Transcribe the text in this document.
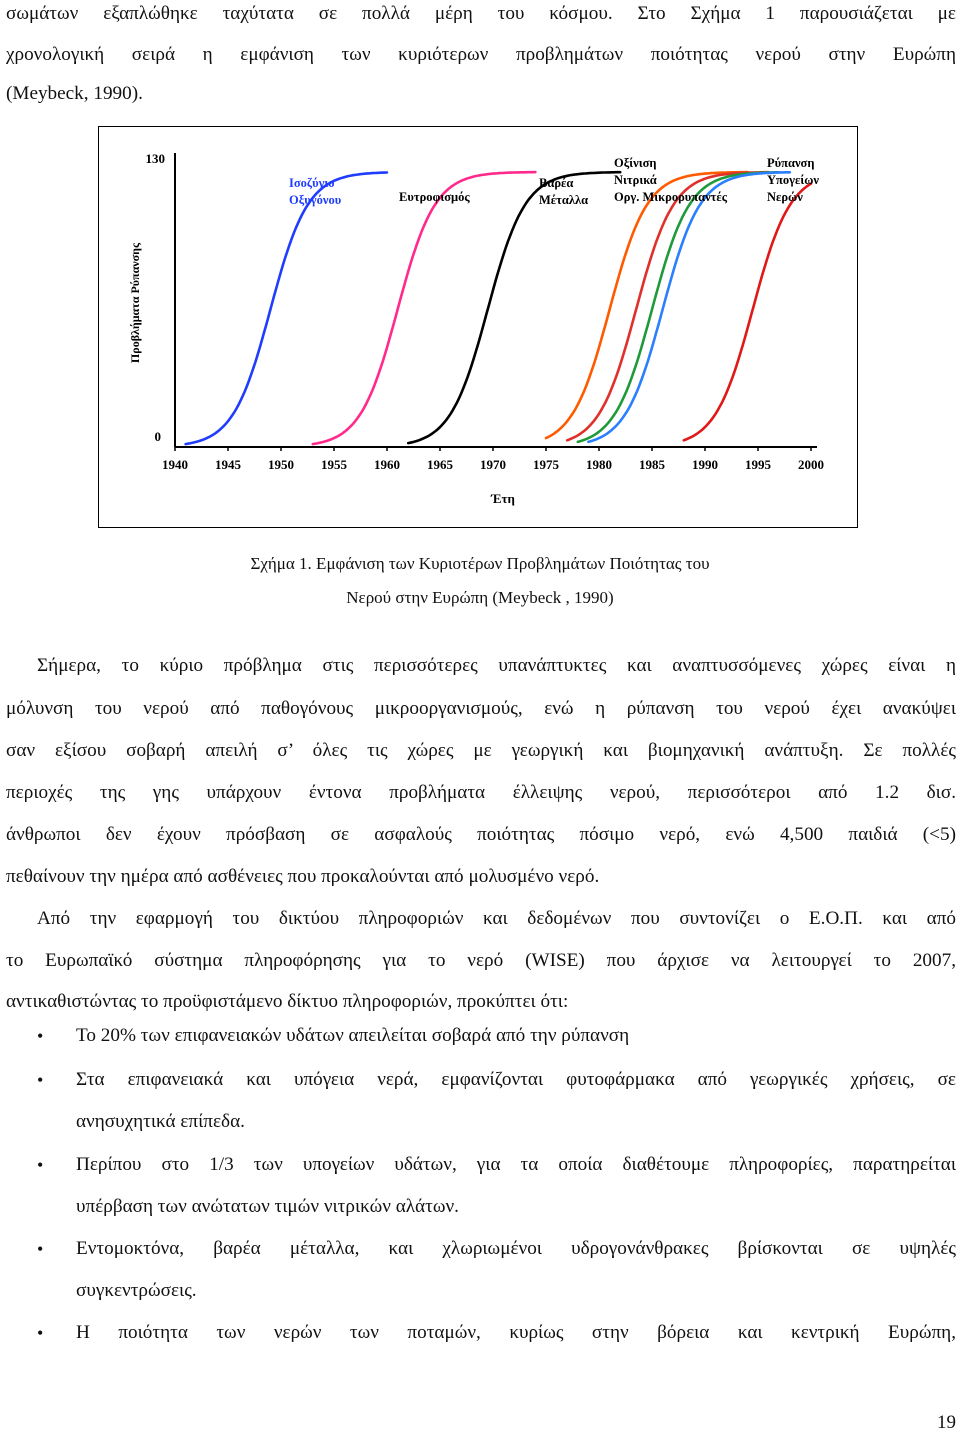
σωμάτων εξαπλώθηκε ταχύτατα σε πολλά μέρη του κόσμου. Στο Σχήμα 1 παρουσιάζεται με
χρονολογική σειρά η εμφάνιση των κυριότερων προβλημάτων ποιότητας νερού στην Ευρώπη
(Meybeck, 1990).
130
0
Προβλήματα Ρύπανσης
1940 1945 1950 1955 1960 1965 1970 1975 1980 1985 1990 1995 2000
Έτη
Ισοζύγιο
Οξυγόνου	Ευτροφισμός
Βαρέα
Μέταλλα
Οξίνιση
Νιτρικά
Οργ. Μικρορυπαντές
Ρύπανση
Υπογείων
Νερών
Σχήμα 1. Εμφάνιση των Κυριοτέρων Προβλημάτων Ποιότητας του
Νερού στην Ευρώπη (Meybeck , 1990)
Σήμερα, το κύριο πρόβλημα στις περισσότερες υπανάπτυκτες και αναπτυσσόμενες χώρες είναι η
μόλυνση του νερού από παθογόνους μικροοργανισμούς, ενώ η ρύπανση του νερού έχει ανακύψει
σαν εξίσου σοβαρή απειλή σ’ όλες τις χώρες με γεωργική και βιομηχανική ανάπτυξη. Σε πολλές
περιοχές της γης υπάρχουν έντονα προβλήματα έλλειψης νερού, περισσότεροι από 1.2 δισ.
άνθρωποι δεν έχουν πρόσβαση σε ασφαλούς ποιότητας πόσιμο νερό, ενώ 4,500 παιδιά (<5)
πεθαίνουν την ημέρα από ασθένειες που προκαλούνται από μολυσμένο νερό.
Από την εφαρμογή του δικτύου πληροφοριών και δεδομένων που συντονίζει ο Ε.Ο.Π. και από
το Ευρωπαϊκό σύστημα πληροφόρησης για το νερό (WISE) που άρχισε να λειτουργεί το 2007,
αντικαθιστώντας το προϋφιστάμενο δίκτυο πληροφοριών, προκύπτει ότι:
• Το 20% των επιφανειακών υδάτων απειλείται σοβαρά από την ρύπανση
• Στα επιφανειακά και υπόγεια νερά, εμφανίζονται φυτοφάρμακα από γεωργικές χρήσεις, σε
ανησυχητικά επίπεδα.
• Περίπου στο 1/3 των υπογείων υδάτων, για τα οποία διαθέτουμε πληροφορίες, παρατηρείται
υπέρβαση των ανώτατων τιμών νιτρικών αλάτων.
• Εντομοκτόνα, βαρέα μέταλλα, και χλωριωμένοι υδρογονάνθρακες βρίσκονται σε υψηλές
συγκεντρώσεις.
• Η ποιότητα των νερών των ποταμών, κυρίως στην βόρεια και κεντρική Ευρώπη,
19
